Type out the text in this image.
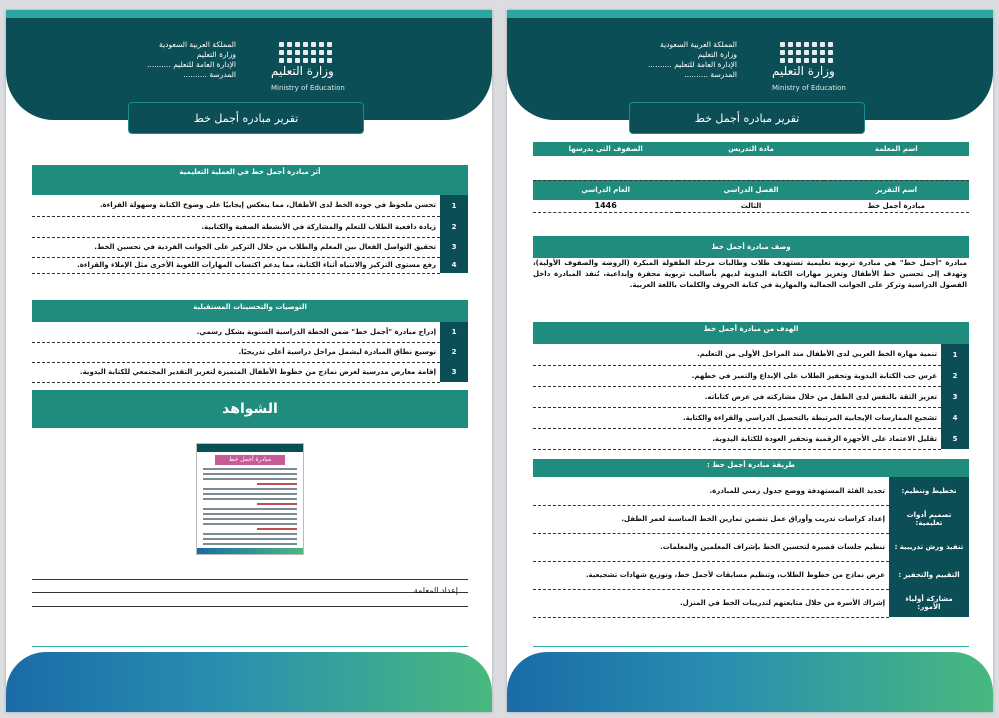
المملكة العربية السعودية
وزارة التعليم
الإدارة العامة للتعليم ..........
المدرسة ..........	وزارة التعليم
Ministry of Education
تقرير مبادره أجمل خط
أثر مبادرة أجمل خط في العملية التعليمية	

1	تحسن ملحوظ في جودة الخط لدى الأطفال، مما ينعكس إيجابيًا على وضوح الكتابة وسهولة القراءة.
2	زيادة دافعية الطلاب للتعلم والمشاركة في الأنشطة الصفية والكتابية.
3	تحقيق التواصل الفعال بين المعلم والطلاب من خلال التركيز على الجوانب الفردية في تحسين الخط.
4	رفع مستوى التركيز والانتباه أثناء الكتابة، مما يدعم اكتساب المهارات اللغوية الأخرى مثل الإملاء والقراءة.
التوصيات والتحسينات المستقبلية	

1	إدراج مبادرة "أجمل خط" ضمن الخطة الدراسية السنوية بشكل رسمي.
2	توسيع نطاق المبادرة ليشمل مراحل دراسية أعلى تدريجيًا.
3	إقامة معارض مدرسية لعرض نماذج من خطوط الأطفال المتميزة لتعزيز التقدير المجتمعي للكتابة اليدوية.
الشواهد
مبادرة أجمل خط
إعداد المعلمة
المملكة العربية السعودية
وزارة التعليم
الإدارة العامة للتعليم ..........
المدرسة ..........	وزارة التعليم
Ministry of Education
تقرير مبادره أجمل خط
اسم المعلمة	مادة التدريس	الصفوف التي يدرسها

اسم التقرير	الفصل الدراسي	العام الدراسي
مبادرة أجمل خط	الثالث	1446
وصف مبادرة أجمل خط
مبادرة "أجمل خط" هي مبادرة تربوية تعليمية تستهدف طلاب وطالبات مرحلة الطفولة المبكرة (الروضة والصفوف الأولية)، وتهدف إلى تحسين خط الأطفال وتعزيز مهارات الكتابة اليدوية لديهم بأساليب تربوية محفزة وإبداعية، تُنفذ المبادرة داخل الفصول الدراسية وتركز على الجوانب الجمالية والمهارية في كتابة الحروف والكلمات باللغة العربية.
الهدف من مبادرة أجمل خط	

1	تنمية مهارة الخط العربي لدى الأطفال منذ المراحل الأولى من التعليم.
2	غرس حب الكتابة اليدوية وتحفيز الطلاب على الإبداع والتميز في خطهم.
3	تعزيز الثقة بالنفس لدى الطفل من خلال مشاركته في عرض كتاباته.
4	تشجيع الممارسات الإيجابية المرتبطة بالتحصيل الدراسي والقراءة والكتابة.
5	تقليل الاعتماد على الأجهزة الرقمية وتحفيز العودة للكتابة اليدوية.
طريقة مبادرة أجمل خط :	

تخطيط وتنظيم:	تحديد الفئة المستهدفة ووضع جدول زمني للمبادرة.
تصميم أدوات تعليمية:	إعداد كراسات تدريب وأوراق عمل تتضمن تمارين الخط المناسبة لعمر الطفل.
تنفيذ ورش تدريبية :	تنظيم جلسات قصيرة لتحسين الخط بإشراف المعلمين والمعلمات.
التقييم والتحفيز :	عرض نماذج من خطوط الطلاب، وتنظيم مسابقات لأجمل خط، وتوزيع شهادات تشجيعية.
مشاركة أولياء الأمور:	إشراك الأسرة من خلال متابعتهم لتدريبات الخط في المنزل.
